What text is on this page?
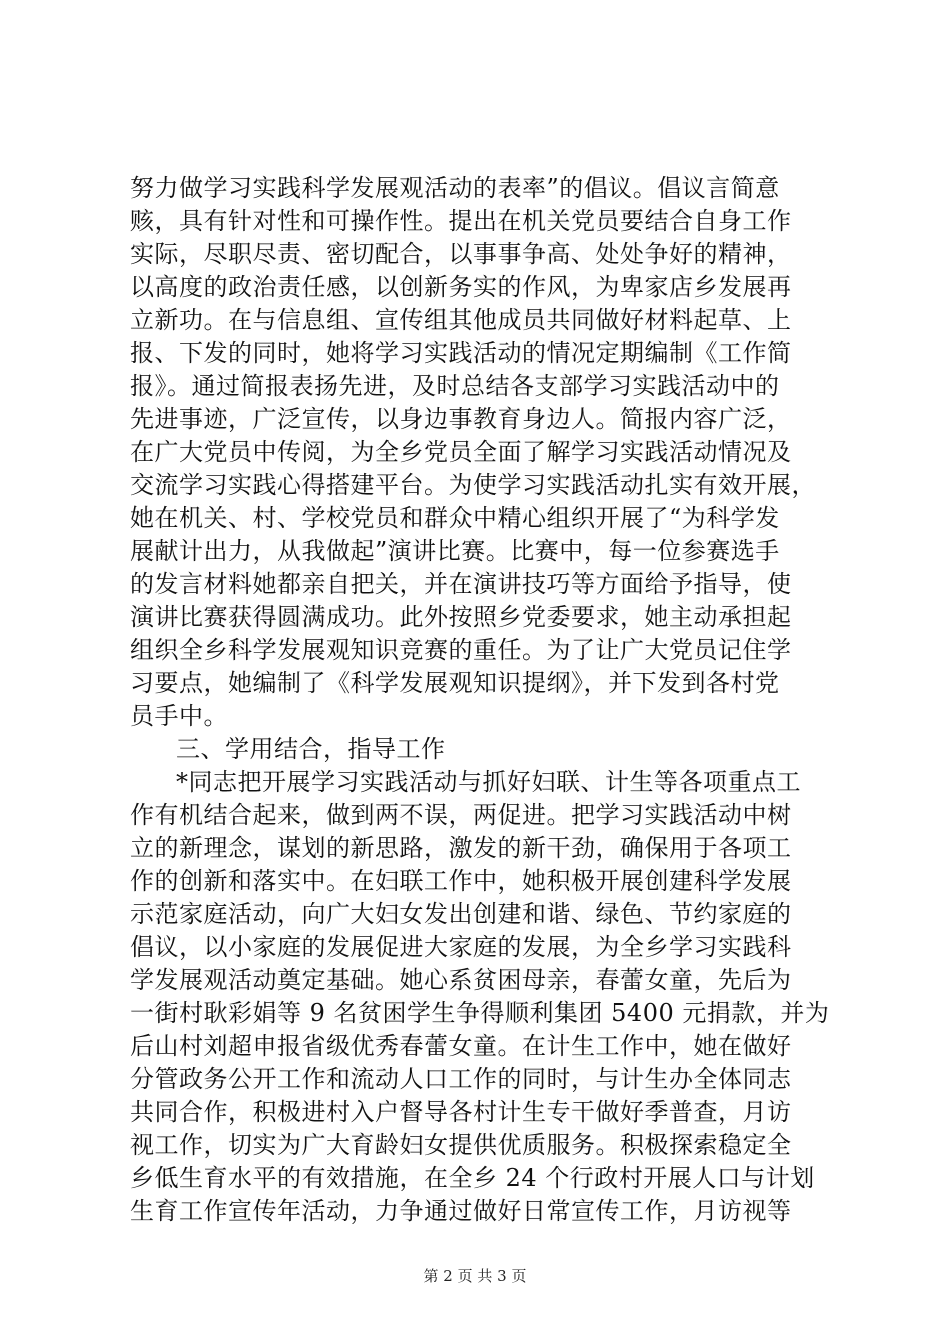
努力做学习实践科学发展观活动的表率”的倡议。倡议言简意
赅，具有针对性和可操作性。提出在机关党员要结合自身工作
实际，尽职尽责、密切配合，以事事争高、处处争好的精神，
以高度的政治责任感，以创新务实的作风，为卑家店乡发展再
立新功。在与信息组、宣传组其他成员共同做好材料起草、上
报、下发的同时，她将学习实践活动的情况定期编制《工作简
报》。通过简报表扬先进，及时总结各支部学习实践活动中的
先进事迹，广泛宣传，以身边事教育身边人。简报内容广泛，
在广大党员中传阅，为全乡党员全面了解学习实践活动情况及
交流学习实践心得搭建平台。为使学习实践活动扎实有效开展，
她在机关、村、学校党员和群众中精心组织开展了“为科学发
展献计出力，从我做起”演讲比赛。比赛中，每一位参赛选手
的发言材料她都亲自把关，并在演讲技巧等方面给予指导，使
演讲比赛获得圆满成功。此外按照乡党委要求，她主动承担起
组织全乡科学发展观知识竞赛的重任。为了让广大党员记住学
习要点，她编制了《科学发展观知识提纲》，并下发到各村党
员手中。
三、学用结合，指导工作
*同志把开展学习实践活动与抓好妇联、计生等各项重点工
作有机结合起来，做到两不误，两促进。把学习实践活动中树
立的新理念，谋划的新思路，激发的新干劲，确保用于各项工
作的创新和落实中。在妇联工作中，她积极开展创建科学发展
示范家庭活动，向广大妇女发出创建和谐、绿色、节约家庭的
倡议，以小家庭的发展促进大家庭的发展，为全乡学习实践科
学发展观活动奠定基础。她心系贫困母亲，春蕾女童，先后为
一街村耿彩娟等 9 名贫困学生争得顺利集团 5400 元捐款，并为
后山村刘超申报省级优秀春蕾女童。在计生工作中，她在做好
分管政务公开工作和流动人口工作的同时，与计生办全体同志
共同合作，积极进村入户督导各村计生专干做好季普查，月访
视工作，切实为广大育龄妇女提供优质服务。积极探索稳定全
乡低生育水平的有效措施，在全乡 24 个行政村开展人口与计划
生育工作宣传年活动，力争通过做好日常宣传工作，月访视等
第 2 页 共 3 页
